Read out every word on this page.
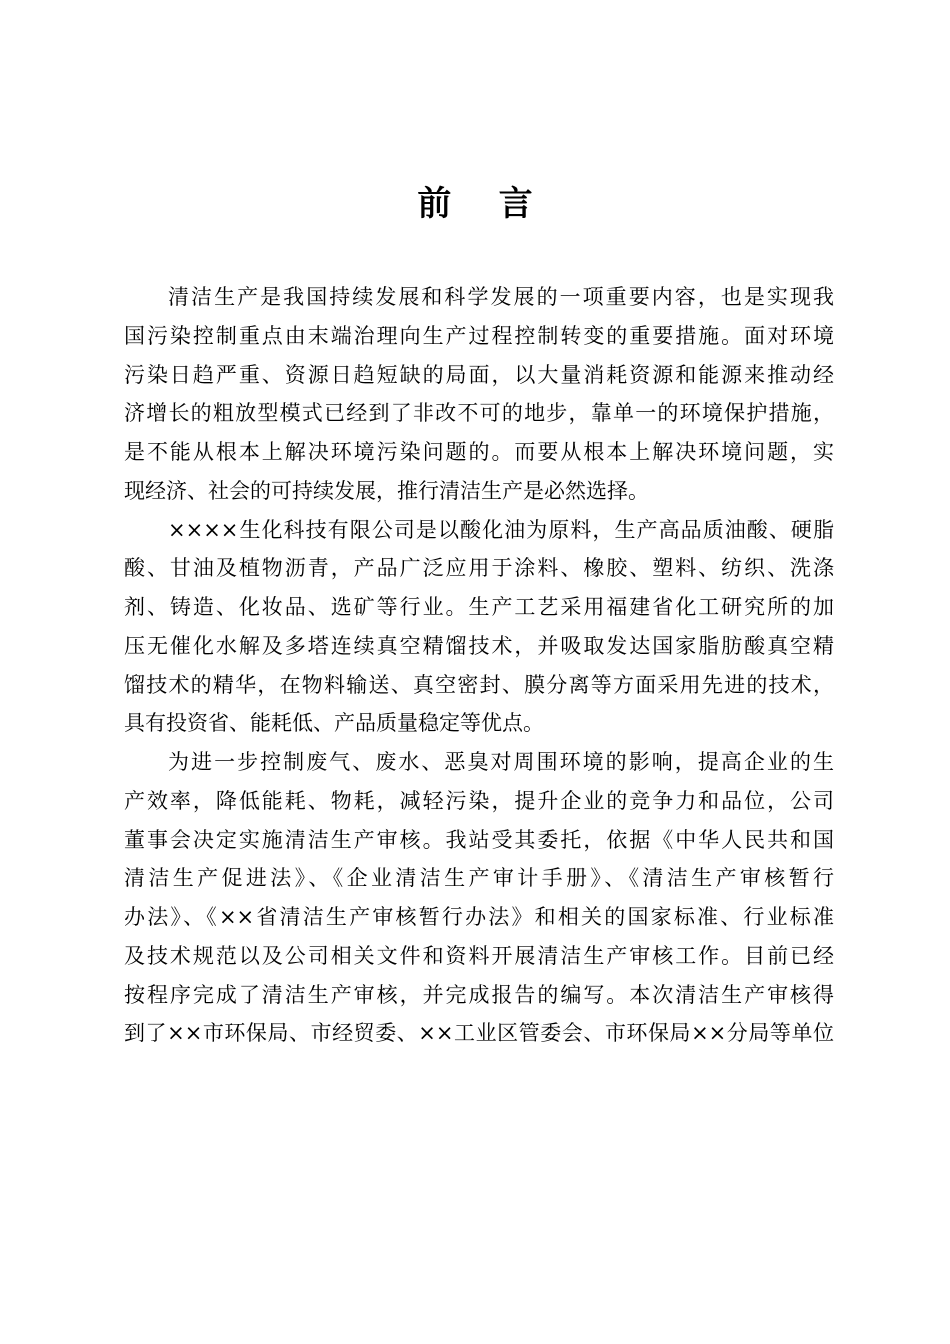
前    言
清洁生产是我国持续发展和科学发展的一项重要内容，也是实现我
国污染控制重点由末端治理向生产过程控制转变的重要措施。面对环境
污染日趋严重、资源日趋短缺的局面，以大量消耗资源和能源来推动经
济增长的粗放型模式已经到了非改不可的地步，靠单一的环境保护措施，
是不能从根本上解决环境污染问题的。而要从根本上解决环境问题，实
现经济、社会的可持续发展，推行清洁生产是必然选择。
××××生化科技有限公司是以酸化油为原料，生产高品质油酸、硬脂
酸、甘油及植物沥青，产品广泛应用于涂料、橡胶、塑料、纺织、洗涤
剂、铸造、化妆品、选矿等行业。生产工艺采用福建省化工研究所的加
压无催化水解及多塔连续真空精馏技术，并吸取发达国家脂肪酸真空精
馏技术的精华，在物料输送、真空密封、膜分离等方面采用先进的技术，
具有投资省、能耗低、产品质量稳定等优点。
为进一步控制废气、废水、恶臭对周围环境的影响，提高企业的生
产效率，降低能耗、物耗，减轻污染，提升企业的竞争力和品位，公司
董事会决定实施清洁生产审核。我站受其委托，依据《中华人民共和国
清洁生产促进法》、《企业清洁生产审计手册》、《清洁生产审核暂行
办法》、《××省清洁生产审核暂行办法》和相关的国家标准、行业标准
及技术规范以及公司相关文件和资料开展清洁生产审核工作。目前已经
按程序完成了清洁生产审核，并完成报告的编写。本次清洁生产审核得
到了××市环保局、市经贸委、××工业区管委会、市环保局××分局等单位
